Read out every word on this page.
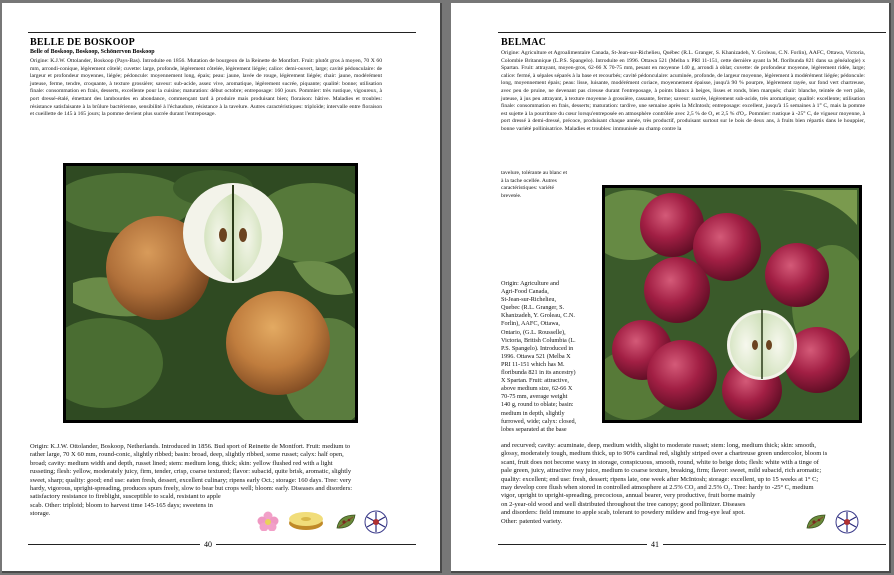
BELLE DE BOSKOOP
Belle of Boskoop, Boskoop, Schönervon Boskoop

Origine: K.J.W. Ottolander, Boskoop (Pays-Bas). Introduite en 1856. Mutation de bourgeon de la Reinette de Montfort. Fruit: plutôt gros à moyen, 70 X 60 mm, arrondi-conique, légèrement côtelé; cuvette: large, profonde, légèrement côtelée, légèrement liégée; calice: demi-ouvert, large; cavité pédonculaire: de largeur et profondeur moyennes, liégée; pédoncule: moyennement long, épais; peau: jaune, lavée de rouge, légèrement liégée; chair: jaune, modérément juteuse, ferme, tendre, croquante, à texture grossière; saveur: sub-acide, assez vive, aromatique, légèrement sucrée, piquante; qualité: bonne; utilisation finale: consommation en frais, desserts, excellente pour la cuisine; maturation: début octobre; entreposage: 160 jours. Pommier: très rustique, vigoureux, à port dressé-étalé, émettant des lambourdes en abondance, commençant tard à produire mais produisant bien; floraison: hâtive. Maladies et troubles: résistance satisfaisante à la brûlure bactérienne, sensibilité à l'échaudure, résistance à la tavelure. Autres caractéristiques: triploïde; intervalle entre floraison et cueillette de 145 à 165 jours; la pomme devient plus sucrée durant l'entreposage.

Origin: K.J.W. Ottolander, Boskoop, Netherlands. Introduced in 1856. Bud sport of Reinette de Montfort. Fruit: medium to
rather large, 70 X 60 mm, round-conic, slightly ribbed; basin: broad, deep, slightly ribbed, some russet; calyx: half open,
broad; cavity: medium width and depth, russet lined; stem: medium long, thick; skin: yellow flushed red with a light
russeting; flesh: yellow, moderately juicy, firm, tender, crisp, coarse textured; flavor: subacid, quite brisk, aromatic, slightly
sweet, sharp; quality: good; end use: eaten fresh, dessert, excellent culinary; ripens early Oct.; storage: 160 days. Tree: very
hardy, vigorous, upright-spreading, produces spurs freely, slow to bear but crops well; bloom: early. Diseases and disorders:
satisfactory resistance to fireblight, susceptible to scald, resistant to apple
scab. Other: triploid; bloom to harvest time 145-165 days; sweetens in
storage.

40
BELMAC

Origine: Agriculture et Agroalimentaire Canada, St-Jean-sur-Richelieu, Québec (R.L. Granger, S. Khanizadeh, Y. Groleau, C.N. Forlin), AAFC, Ottawa, Victoria, Colombie Britannique (L.P.S. Spangelo). Introduite en 1996. Ottawa 521 (Melba x PRI 11-151, cette dernière ayant la M. floribunda 821 dans sa généalogie) x Spartan. Fruit: attrayant, moyen-gros, 62-66 X 70-75 mm, pesant en moyenne 140 g, arrondi à oblat; cuvette: de profondeur moyenne, légèrement ridée, large; calice: fermé, à sépales séparés à la base et recourbés; cavité pédonculaire: acuminée, profonde, de largeur moyenne, légèrement à modérément liégée; pédoncule: long, moyennement épais; peau: lisse, luisante, modérément coriace, moyennement épaisse, jusqu'à 90 % pourpre, légèrement rayée, sur fond vert chartreuse, avec peu de pruine, ne devenant pas cireuse durant l'entreposage, à points blancs à beiges, lisses et ronds, bien marqués; chair: blanche, teintée de vert pâle, juteuse, à jus peu attrayant, à texture moyenne à grossière, cassante, ferme; saveur: sucrée, légèrement sub-acide, très aromatique; qualité: excellente; utilisation finale: consommation en frais, desserts; maturation: tardive, une semaine après la McIntosh; entreposage: excellent, jusqu'à 15 semaines à 1° C, mais la pomme est sujette à la pourriture du cœur lorsqu'entreposée en atmosphère contrôlée avec 2,5 % de O₂ et 2,5 % d'O₂. Pommier: rustique à -25° C, de vigueur moyenne, à port dressé à demi-dressé, précoce, produisant chaque année, très productif, produisant surtout sur le bois de deux ans, à fruits bien répartis dans le houppier, bonne variété pollinisatrice. Maladies et troubles: immunisée au champ contre la

tavelure, tolérante au blanc et
à la tache ocellée. Autres
caractéristiques: variété
brevetée.

Origin: Agriculture and
Agri-Food Canada,
St-Jean-sur-Richelieu,
Quebec (R.L. Granger, S.
Khanizadeh, Y. Groleau, C.N.
Forlin), AAFC, Ottawa,
Ontario, (G.L. Rousselle),
Victoria, British Columbia (L.
P.S. Spangelo). Introduced in
1996. Ottawa 521 (Melba X
PRI 11-151 which has M.
floribunda 821 in its ancestry)
X Spartan. Fruit: attractive,
above medium size, 62-66 X
70-75 mm, average weight
140 g, round to oblate; basin:
medium in depth, slightly
furrowed, wide; calyx: closed,
lobes separated at the base

and recurved; cavity: acuminate, deep, medium width, slight to moderate russet; stem: long, medium thick; skin: smooth,
glossy, moderately tough, medium thick, up to 90% cardinal red, slightly striped over a chartreuse green undercolor, bloom is
scant, fruit does not become waxy in storage, conspicuous, smooth, round, white to beige dots; flesh: white with a tinge of
pale green, juicy, attractive rosy juice, medium to coarse texture, breaking, firm; flavor: sweet, mild subacid, rich aromatic;
quality: excellent; end use: fresh, dessert; ripens late, one week after McIntosh; storage: excellent, up to 15 weeks at 1° C;
may develop core flush when stored in controlled atmosphere at 2.5% CO₂ and 2.5% O₂. Tree: hardy to -25° C, medium
vigor, upright to upright-spreading, precocious, annual bearer, very productive, fruit borne mainly
on 2-year-old wood and well distributed throughout the tree canopy; good pollinizer. Diseases
and disorders: field immune to apple scab, tolerant to powdery mildew and frog-eye leaf spot.
Other: patented variety.

41
